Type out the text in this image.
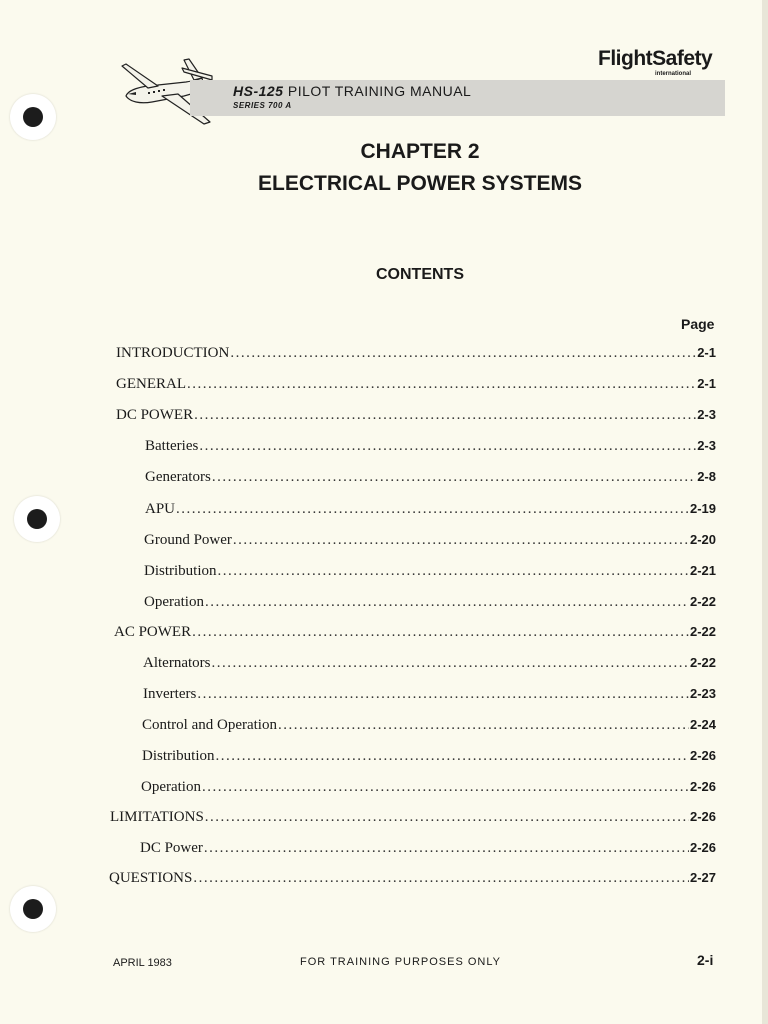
HS-125 PILOT TRAINING MANUAL
SERIES 700 A
FlightSafety
international
CHAPTER 2
ELECTRICAL POWER SYSTEMS
CONTENTS
Page
INTRODUCTION .....	2-1
GENERAL .....	2-1
DC POWER .....	2-3
Batteries .....	2-3
Generators .....	2-8
APU .....	2-19
Ground Power .....	2-20
Distribution .....	2-21
Operation .....	2-22
AC POWER .....	2-22
Alternators .....	2-22
Inverters .....	2-23
Control and Operation .....	2-24
Distribution .....	2-26
Operation .....	2-26
LIMITATIONS .....	2-26
DC Power .....	2-26
QUESTIONS .....	2-27
APRIL 1983	FOR TRAINING PURPOSES ONLY	2-i
